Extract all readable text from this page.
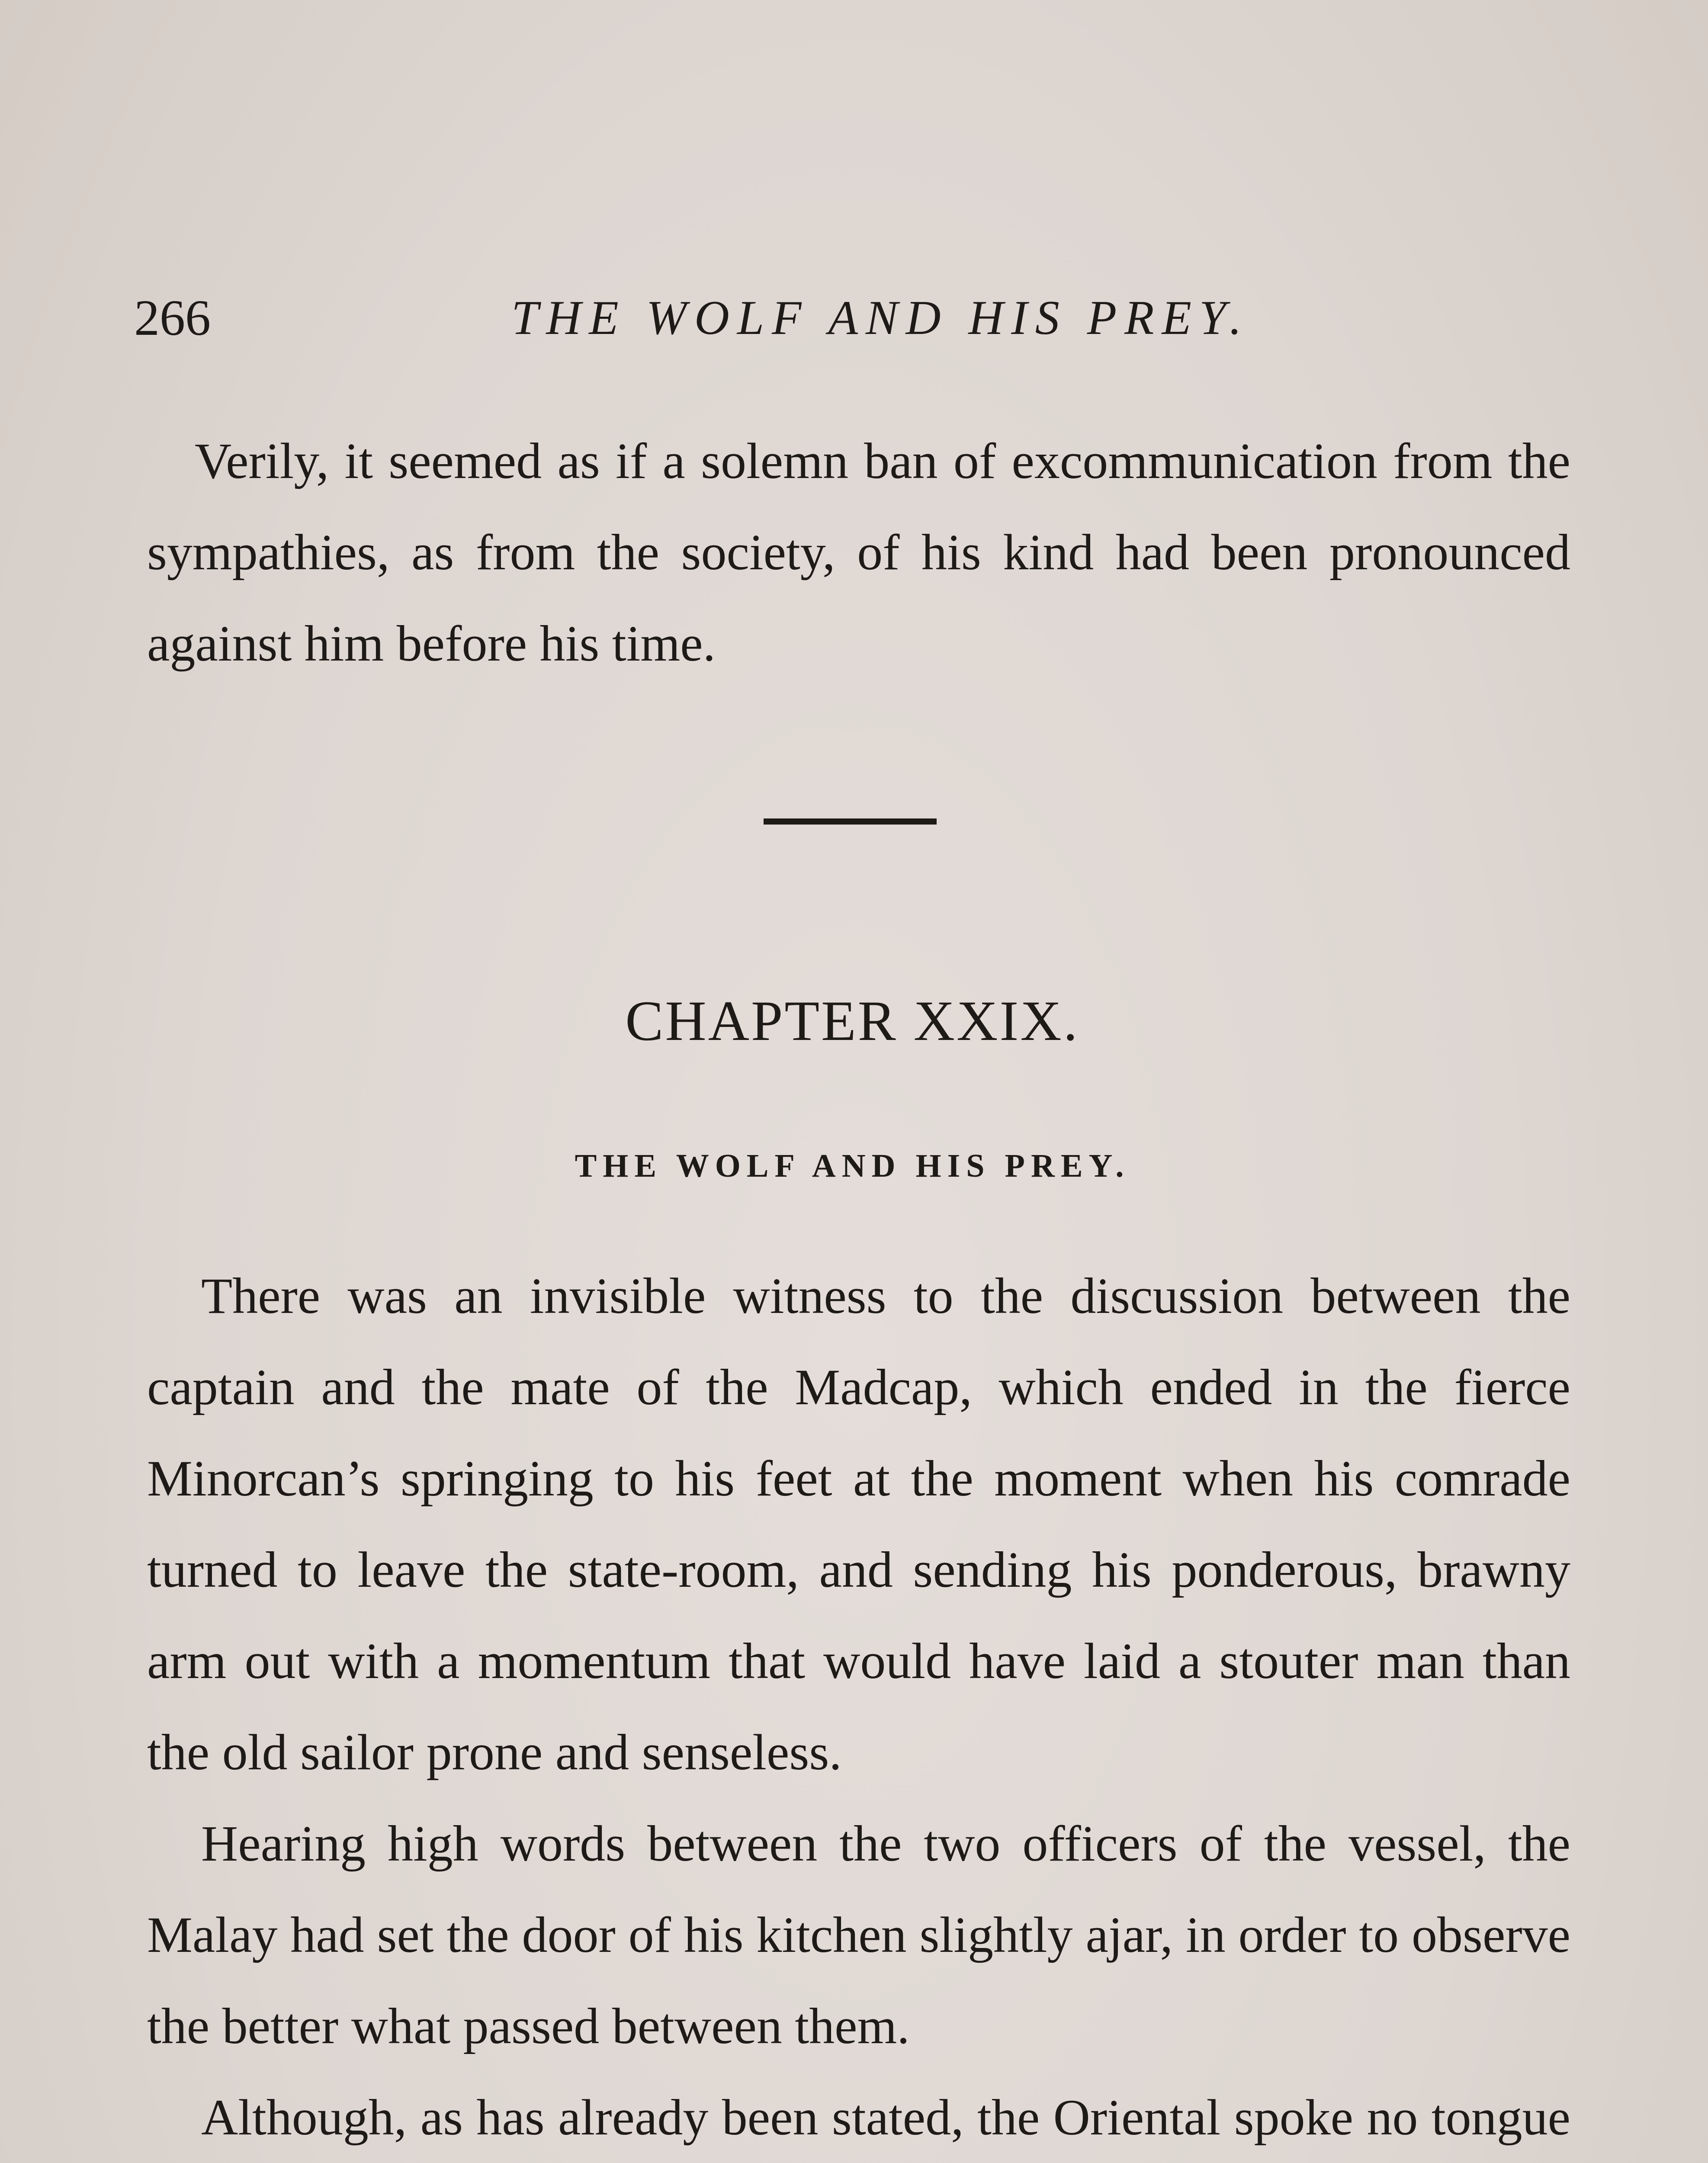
266	THE WOLF AND HIS PREY.

Verily, it seemed as if a solemn ban of excommunication from the sympathies, as from the society, of his kind had been pronounced against him before his time.

CHAPTER XXIX.
THE WOLF AND HIS PREY.

There was an invisible witness to the discussion between the captain and the mate of the Madcap, which ended in the fierce Minorcan’s springing to his feet at the moment when his comrade turned to leave the state-room, and sending his ponderous, brawny arm out with a momentum that would have laid a stouter man than the old sailor prone and senseless.

Hearing high words between the two officers of the vessel, the Malay had set the door of his kitchen slightly ajar, in order to observe the better what passed between them.

Although, as has already been stated, the Oriental spoke no tongue
